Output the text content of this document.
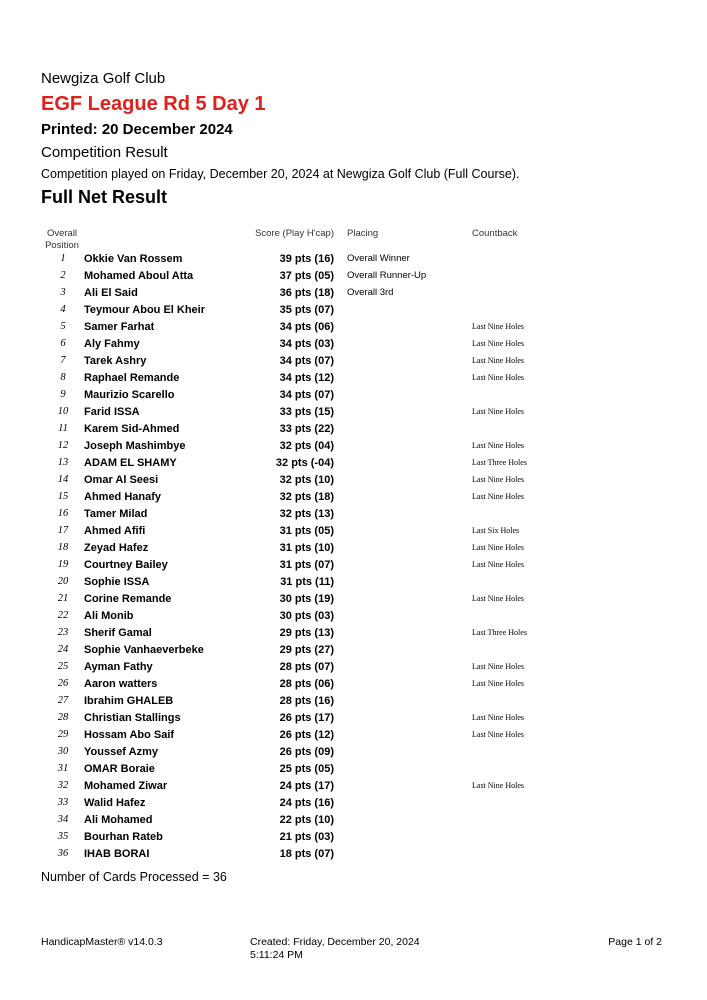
Newgiza Golf Club
EGF League Rd 5 Day 1
Printed: 20 December 2024
Competition Result
Competition played on Friday, December 20, 2024 at Newgiza Golf Club (Full Course).
Full Net Result
Overall Position
Score (Play H'cap) Placing	Countback
1	Okkie Van Rossem	39 pts (16) Overall Winner
2	Mohamed Aboul Atta	37 pts (05) Overall Runner-Up
3	Ali El Said	36 pts (18) Overall 3rd
4	Teymour Abou El Kheir	35 pts (07)
5	Samer Farhat	34 pts (06)	Last Nine Holes
6	Aly Fahmy	34 pts (03)	Last Nine Holes
7	Tarek Ashry	34 pts (07)	Last Nine Holes
8	Raphael Remande	34 pts (12)	Last Nine Holes
9	Maurizio Scarello	34 pts (07)
10	Farid ISSA	33 pts (15)	Last Nine Holes
11	Karem Sid-Ahmed	33 pts (22)
12	Joseph Mashimbye	32 pts (04)	Last Nine Holes
13	ADAM EL SHAMY	32 pts (-04)	Last Three Holes
14	Omar Al Seesi	32 pts (10)	Last Nine Holes
15	Ahmed Hanafy	32 pts (18)	Last Nine Holes
16	Tamer Milad	32 pts (13)
17	Ahmed Afifi	31 pts (05)	Last Six Holes
18	Zeyad Hafez	31 pts (10)	Last Nine Holes
19	Courtney Bailey	31 pts (07)	Last Nine Holes
20	Sophie ISSA	31 pts (11)
21	Corine Remande	30 pts (19)	Last Nine Holes
22	Ali Monib	30 pts (03)
23	Sherif Gamal	29 pts (13)	Last Three Holes
24	Sophie Vanhaeverbeke	29 pts (27)
25	Ayman Fathy	28 pts (07)	Last Nine Holes
26	Aaron watters	28 pts (06)	Last Nine Holes
27	Ibrahim GHALEB	28 pts (16)
28	Christian Stallings	26 pts (17)	Last Nine Holes
29	Hossam Abo Saif	26 pts (12)	Last Nine Holes
30	Youssef Azmy	26 pts (09)
31	OMAR Boraie	25 pts (05)
32	Mohamed Ziwar	24 pts (17)	Last Nine Holes
33	Walid Hafez	24 pts (16)
34	Ali Mohamed	22 pts (10)
35	Bourhan Rateb	21 pts (03)
36	IHAB BORAI	18 pts (07)
Number of Cards Processed = 36
HandicapMaster® v14.0.3	Created: Friday, December 20, 2024 5:11:24 PM
Page 1 of 2
